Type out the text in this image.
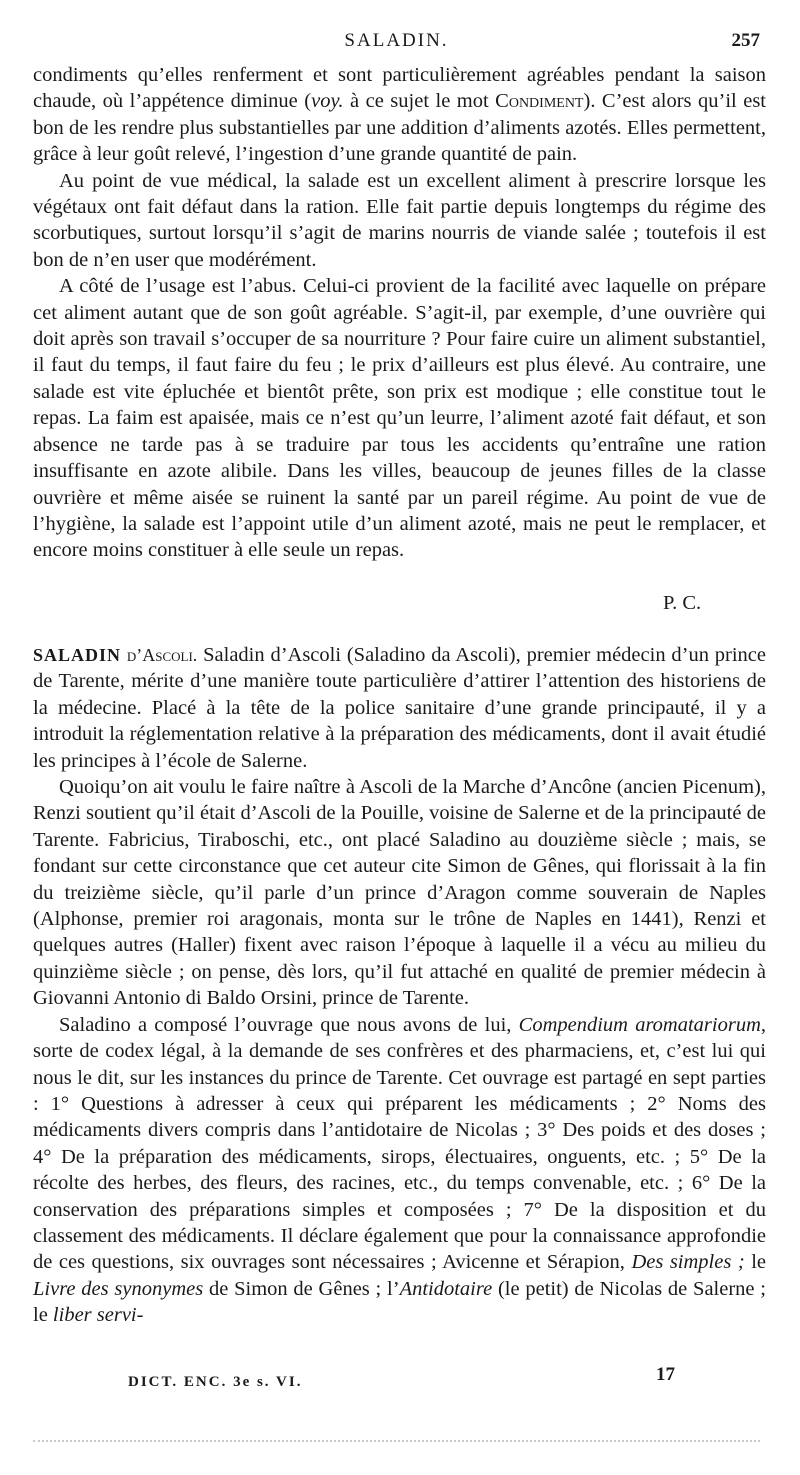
SALADIN.	257

condiments qu’elles renferment et sont particulièrement agréables pendant la saison chaude, où l’appétence diminue (voy. à ce sujet le mot Condiment). C’est alors qu’il est bon de les rendre plus substantielles par une addition d’aliments azotés. Elles permettent, grâce à leur goût relevé, l’ingestion d’une grande quantité de pain.

Au point de vue médical, la salade est un excellent aliment à prescrire lorsque les végétaux ont fait défaut dans la ration. Elle fait partie depuis longtemps du régime des scorbutiques, surtout lorsqu’il s’agit de marins nourris de viande salée ; toutefois il est bon de n’en user que modérément.

A côté de l’usage est l’abus. Celui-ci provient de la facilité avec laquelle on prépare cet aliment autant que de son goût agréable. S’agit-il, par exemple, d’une ouvrière qui doit après son travail s’occuper de sa nourriture ? Pour faire cuire un aliment substantiel, il faut du temps, il faut faire du feu ; le prix d’ailleurs est plus élevé. Au contraire, une salade est vite épluchée et bientôt prête, son prix est modique ; elle constitue tout le repas. La faim est apaisée, mais ce n’est qu’un leurre, l’aliment azoté fait défaut, et son absence ne tarde pas à se traduire par tous les accidents qu’entraîne une ration insuffisante en azote alibile. Dans les villes, beaucoup de jeunes filles de la classe ouvrière et même aisée se ruinent la santé par un pareil régime. Au point de vue de l’hygiène, la salade est l’appoint utile d’un aliment azoté, mais ne peut le remplacer, et encore moins constituer à elle seule un repas.

P. C.

SALADIN d’Ascoli. Saladin d’Ascoli (Saladino da Ascoli), premier médecin d’un prince de Tarente, mérite d’une manière toute particulière d’attirer l’attention des historiens de la médecine. Placé à la tête de la police sanitaire d’une grande principauté, il y a introduit la réglementation relative à la préparation des médicaments, dont il avait étudié les principes à l’école de Salerne.

Quoiqu’on ait voulu le faire naître à Ascoli de la Marche d’Ancône (ancien Picenum), Renzi soutient qu’il était d’Ascoli de la Pouille, voisine de Salerne et de la principauté de Tarente. Fabricius, Tiraboschi, etc., ont placé Saladino au douzième siècle ; mais, se fondant sur cette circonstance que cet auteur cite Simon de Gênes, qui florissait à la fin du treizième siècle, qu’il parle d’un prince d’Aragon comme souverain de Naples (Alphonse, premier roi aragonais, monta sur le trône de Naples en 1441), Renzi et quelques autres (Haller) fixent avec raison l’époque à laquelle il a vécu au milieu du quinzième siècle ; on pense, dès lors, qu’il fut attaché en qualité de premier médecin à Giovanni Antonio di Baldo Orsini, prince de Tarente.

Saladino a composé l’ouvrage que nous avons de lui, Compendium aromatariorum, sorte de codex légal, à la demande de ses confrères et des pharmaciens, et, c’est lui qui nous le dit, sur les instances du prince de Tarente. Cet ouvrage est partagé en sept parties : 1° Questions à adresser à ceux qui préparent les médicaments ; 2° Noms des médicaments divers compris dans l’antidotaire de Nicolas ; 3° Des poids et des doses ; 4° De la préparation des médicaments, sirops, électuaires, onguents, etc. ; 5° De la récolte des herbes, des fleurs, des racines, etc., du temps convenable, etc. ; 6° De la conservation des préparations simples et composées ; 7° De la disposition et du classement des médicaments. Il déclare également que pour la connaissance approfondie de ces questions, six ouvrages sont nécessaires ; Avicenne et Sérapion, Des simples ; le Livre des synonymes de Simon de Gênes ; l’Antidotaire (le petit) de Nicolas de Salerne ; le liber servi-

DICT. ENC. 3e s. VI.	17
